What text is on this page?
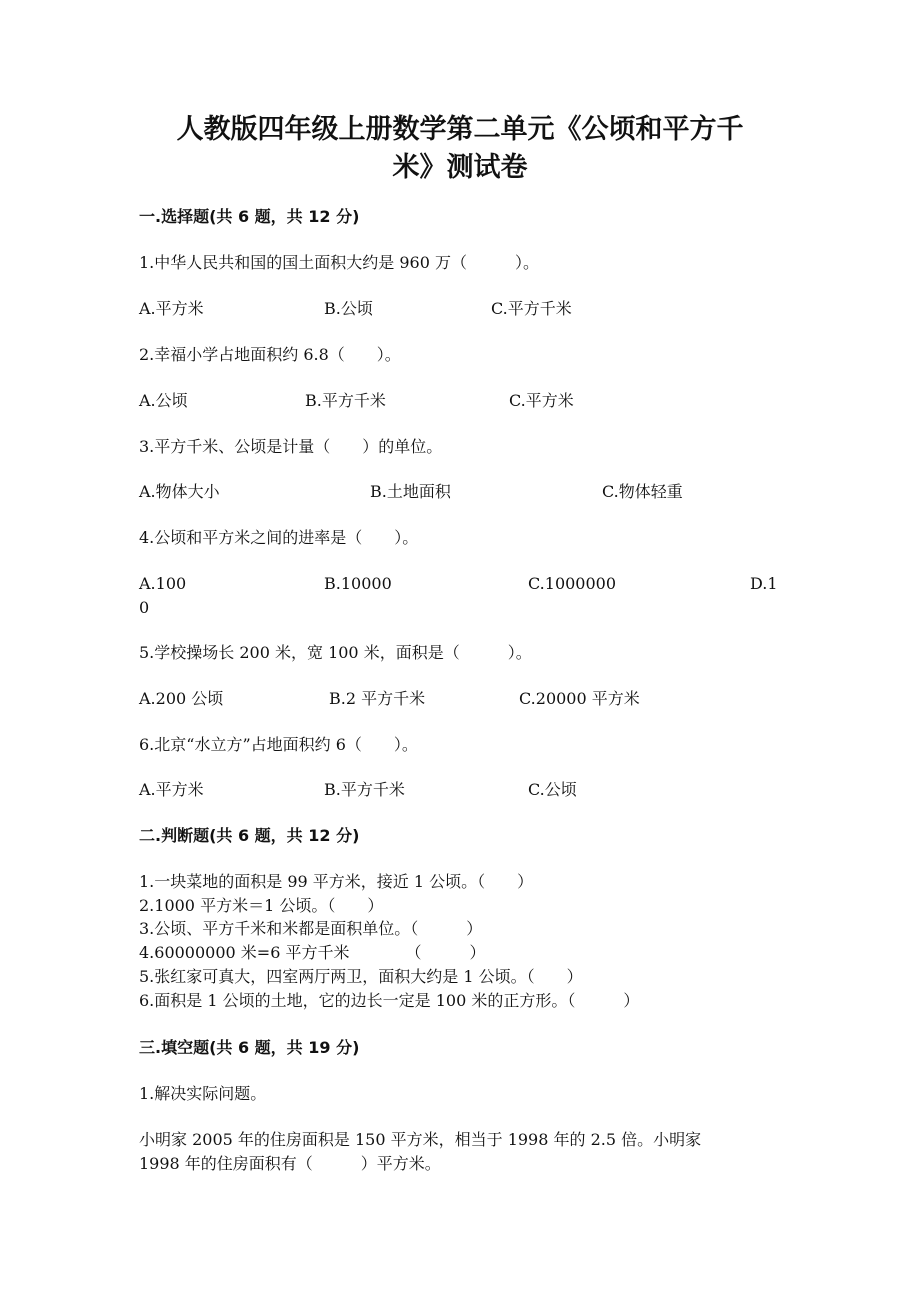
人教版四年级上册数学第二单元《公顷和平方千
米》测试卷
一.选择题(共 6 题，共 12 分)
1.中华人民共和国的国土面积大约是 960 万（　　　）。
A.平方米	B.公顷	C.平方千米
2.幸福小学占地面积约 6.8（　　）。
A.公顷	B.平方千米	C.平方米
3.平方千米、公顷是计量（　　）的单位。
A.物体大小	B.土地面积	C.物体轻重
4.公顷和平方米之间的进率是（　　）。
A.100	B.10000	C.1000000	D.1
0
5.学校操场长 200 米，宽 100 米，面积是（　　　）。
A.200 公顷	B.2 平方千米	C.20000 平方米
6.北京“水立方”占地面积约 6（　　）。
A.平方米	B.平方千米	C.公顷
二.判断题(共 6 题，共 12 分)
1.一块菜地的面积是 99 平方米，接近 1 公顷。（　　）
2.1000 平方米＝1 公顷。（　　）
3.公顷、平方千米和米都是面积单位。（　　　）
4.60000000 米=6 平方千米　　　　（　　　）
5.张红家可真大，四室两厅两卫，面积大约是 1 公顷。（　　）
6.面积是 1 公顷的土地，它的边长一定是 100 米的正方形。（　　　）
三.填空题(共 6 题，共 19 分)
1.解决实际问题。
小明家 2005 年的住房面积是 150 平方米，相当于 1998 年的 2.5 倍。小明家
1998 年的住房面积有（　　　）平方米。
